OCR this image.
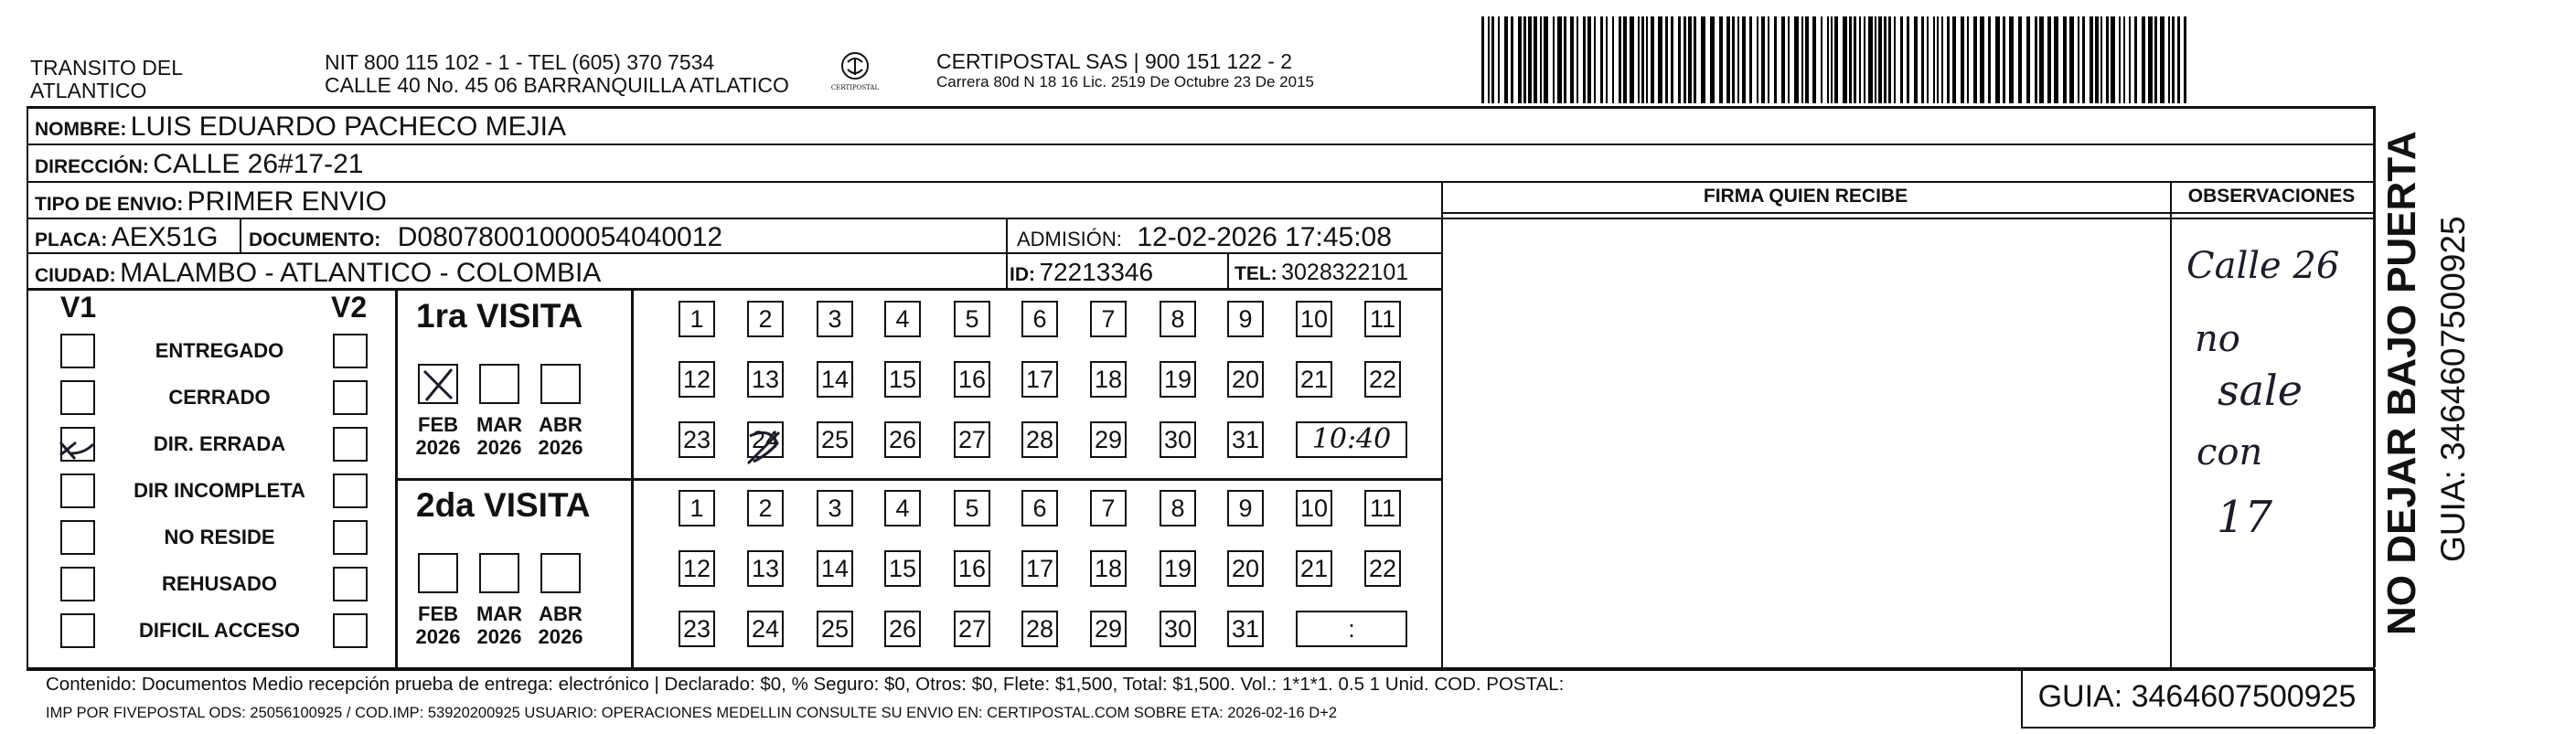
TRANSITO DEL
ATLANTICO
NIT 800 115 102 - 1 - TEL (605) 370 7534
CALLE 40 No. 45 06 BARRANQUILLA ATLATICO	CERTIPOSTAL
CERTIPOSTAL SAS | 900 151 122 - 2
Carrera 80d N 18 16 Lic. 2519 De Octubre 23 De 2015
NOMBRE: LUIS EDUARDO PACHECO MEJIA
DIRECCIÓN: CALLE 26#17-21
TIPO DE ENVIO: PRIMER ENVIO	FIRMA QUIEN RECIBE	OBSERVACIONES
PLACA: AEX51G DOCUMENTO: D08078001000054040012	ADMISIÓN: 12-02-2026 17:45:08
CIUDAD: MALAMBO - ATLANTICO - COLOMBIA	ID: 72213346	TEL: 3028322101
V1	V2
ENTREGADO
CERRADO
DIR. ERRADA
DIR INCOMPLETA
NO RESIDE
REHUSADO
DIFICIL ACCESO
1ra VISITA
2da VISITA
FEB
2026
MAR
2026
ABR
2026
1	2	3	4	5	6	7	8	9	10 11
12 13 14 15 16 17 18 19 20 21 22
23 24 25 26 27 28 29 30 31	10:40
FEB
2026
MAR
2026
ABR
2026
1	2	3	4	5	6	7	8	9	10 11
12 13 14 15 16 17 18 19 20 21 22
23 24 25 26 27 28 29 30 31	:
Calle 26
no
sale
con
17	NO DEJAR BAJO PUERTA GUIA: 3464607500925
Contenido: Documentos Medio recepción prueba de entrega: electrónico | Declarado: $0, % Seguro: $0, Otros: $0, Flete: $1,500, Total: $1,500. Vol.: 1*1*1. 0.5 1 Unid. COD. POSTAL:
IMP POR FIVEPOSTAL ODS: 25056100925 / COD.IMP: 53920200925 USUARIO: OPERACIONES MEDELLIN CONSULTE SU ENVIO EN: CERTIPOSTAL.COM SOBRE ETA: 2026-02-16 D+2	GUIA: 3464607500925
